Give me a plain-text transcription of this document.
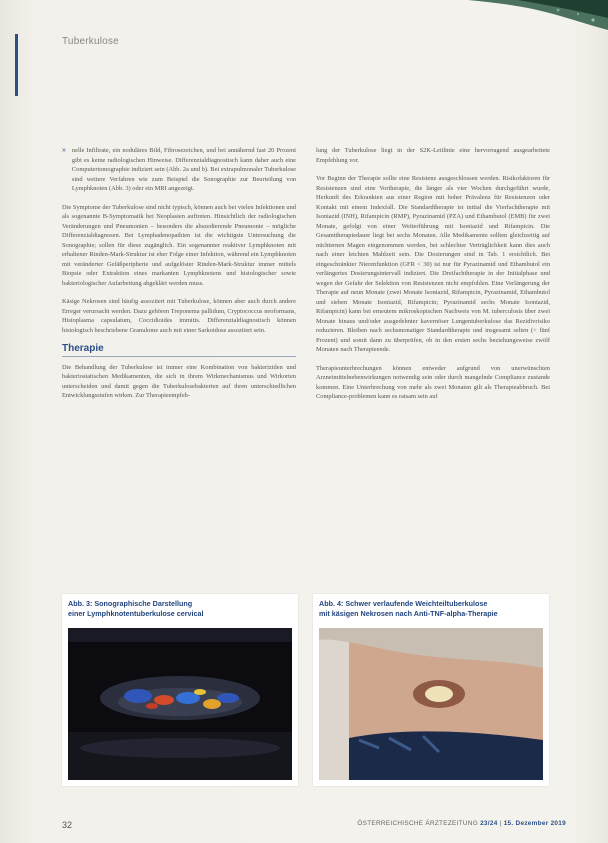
Tuberkulose
» nelle Infiltrate, ein noduläres Bild, Fibrosezeichen, und bei annähernd fast 20 Prozent gibt es keine radiologischen Hinweise. Differenzialdiagnostisch kann daher auch eine Computertomographie indiziert sein (Abb. 2a und b). Bei extrapulmonaler Tuberkulose sind weitere Verfahren wie zum Beispiel die Sonographie zur Beurteilung von Lymphknoten (Abb. 3) oder ein MRI angezeigt.

Die Symptome der Tuberkulose sind nicht typisch, können auch bei vielen Infektionen und als sogenannte B-Symptomatik bei Neoplasien auftreten. Hinsichtlich der radiologischen Veränderungen und Pneumonien – besonders die abszedierende Pneumonie – mögliche Differenzialdiagnosen. Bei Lymphadenopathien ist die wichtigste Untersuchung die Sonographie; sollen für diese zugänglich. Ein sogenannter reaktiver Lymphknoten mit erhaltener Rinden-Mark-Struktur ist eher Folge einer Infektion, während ein Lymphknoten mit veränderter Gefäßperipherie und aufgelöster Rinden-Mark-Struktur immer mittels Biopsie oder Extraktion eines markanten Lymphknotens und histologischer sowie bakteriologischer Aufarbeitung abgeklärt werden muss.

Käsige Nekrosen sind häufig assoziiert mit Tuberkulose, können aber auch durch andere Erreger verursacht werden. Dazu gehören Treponema pallidum, Cryptococcus neoformans, Histoplasma capsulatum, Coccidioides immitis. Differenzialdiagnostisch können histologisch beschriebene Granulome auch mit einer Sarkoidose assoziiert sein.

Therapie

Die Behandlung der Tuberkulose ist immer eine Kombination von bakteriziden und bakteriostatischen Medikamenten, die sich in ihrem Wirkmechanismus und Wirkorten unterscheiden und damit gegen die Tuberkulosebakterien auf ihren unterschiedlichen Entwicklungsstufen wirken. Zur Therapieempfeh-

lung der Tuberkulose liegt in der S2K-Leitlinie eine hervorragend ausgearbeitete Empfehlung vor.

Vor Beginn der Therapie sollte eine Resistenz ausgeschlossen werden. Risikofaktoren für Resistenzen sind eine Vortherapie, die länger als vier Wochen durchgeführt wurde, Herkunft des Erkrankten aus einer Region mit hoher Prävalenz für Resistenzen oder Kontakt mit einem Indexfall. Die Standardtherapie ist initial die Vierfachtherapie mit Isoniazid (INH), Rifampicin (RMP), Pyrazinamid (PZA) und Ethambutol (EMB) für zwei Monate, gefolgt von einer Weiterführung mit Isoniazid und Rifampicin. Die Gesamttherapiedauer liegt bei sechs Monaten. Alle Medikamente sollten gleichzeitig auf nüchternen Magen eingenommen werden, bei schlechter Verträglichkeit kann dies auch nach einer leichten Mahlzeit sein. Die Dosierungen sind in Tab. 1 ersichtlich. Bei eingeschränkter Nierenfunktion (GFR < 30) ist nur für Pyrazinamid und Ethambutol ein verlängertes Dosierungsintervall indiziert. Die Dreifachtherapie in der Initialphase und wegen der Gefahr der Selektion von Resistenzen nicht empfohlen. Eine Verlängerung der Therapie auf neun Monate (zwei Monate Isoniazid, Rifampicin, Pyrazinamid, Ethambutol und sieben Monate Isoniazid, Rifampicin; Pyrazinamid sechs Monate Isoniazid, Rifampicin) kann bei erneutem mikroskopischen Nachweis von M. tuberculosis über zwei Monate hinaus und/oder ausgedehnter kavernöser Lungentuberkulose das Rezidivrisiko reduzieren. Bleiben nach sechsmonatiger Standardtherapie und insgesamt selten (< fünf Prozent) und somit dann zu überprüfen, ob in den ersten sechs beziehungsweise zwölf Monaten nach Therapieende.

Therapieunterbrechungen können entweder aufgrund von unerwünschten Arzneimittelnebenwirkungen notwendig sein oder durch mangelnde Compliance zustande kommen. Eine Unterbrechung von mehr als zwei Monaten gilt als Therapieabbruch. Bei Compliance-problemen kann es ratsam sein auf

Abb. 3: Sonographische Darstellung
einer Lymphknotentuberkulose cervical
Abb. 4: Schwer verlaufende Weichteiltuberkulose
mit käsigen Nekrosen nach Anti-TNF-alpha-Therapie
32	ÖSTERREICHISCHE ÄRZTEZEITUNG 23/24 | 15. Dezember 2019
